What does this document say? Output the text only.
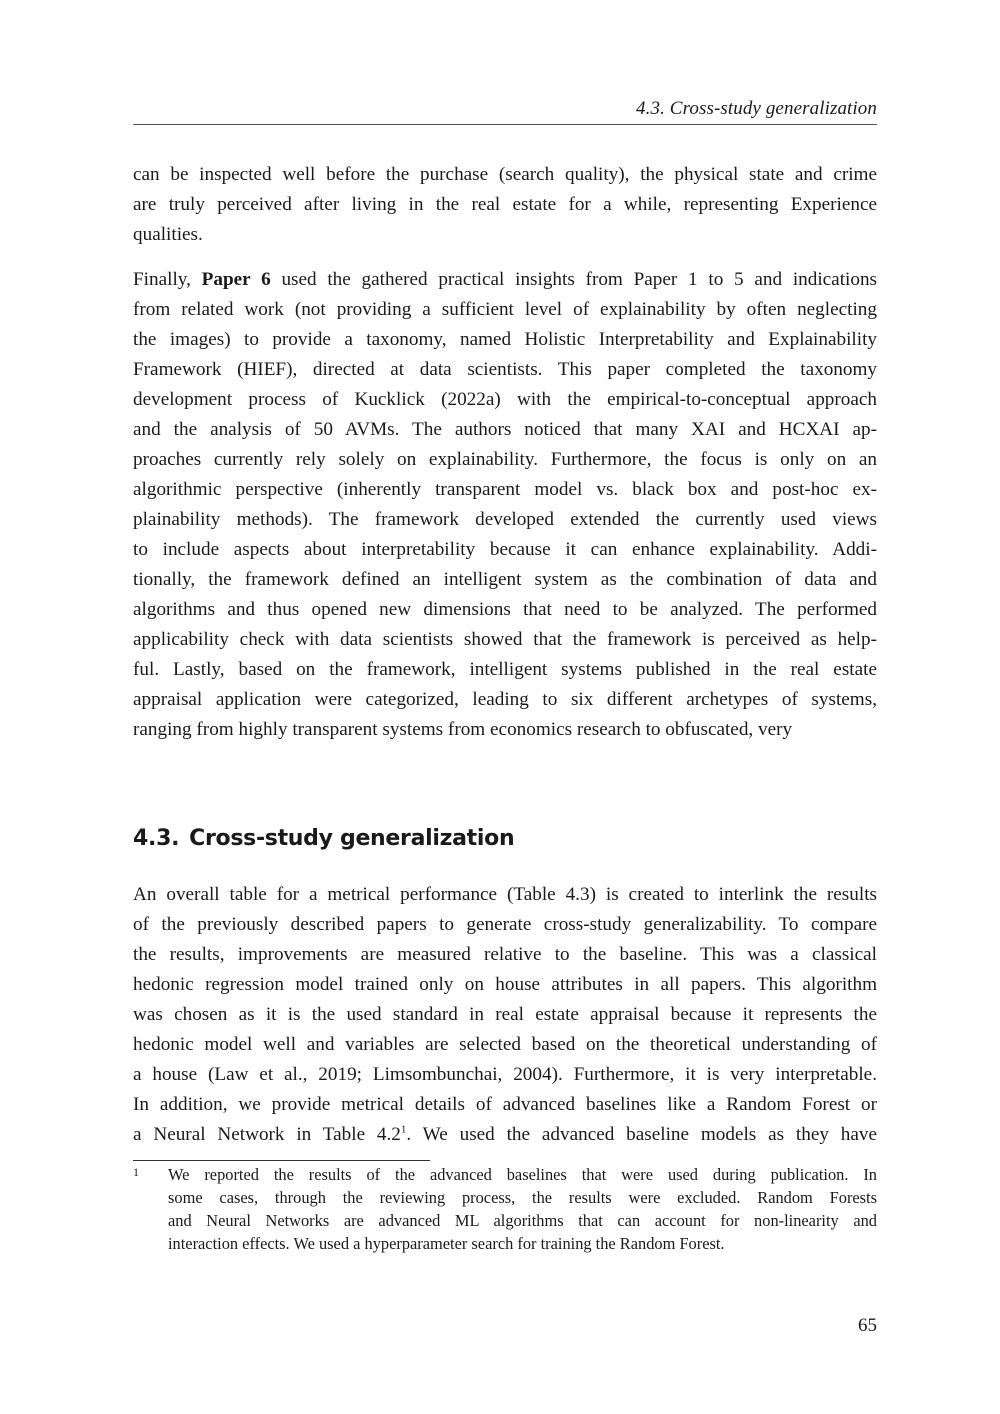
4.3. Cross-study generalization
can be inspected well before the purchase (search quality), the physical state and crime
are truly perceived after living in the real estate for a while, representing Experience
qualities.
Finally, Paper 6 used the gathered practical insights from Paper 1 to 5 and indications
from related work (not providing a sufficient level of explainability by often neglecting
the images) to provide a taxonomy, named Holistic Interpretability and Explainability
Framework (HIEF), directed at data scientists. This paper completed the taxonomy
development process of Kucklick (2022a) with the empirical-to-conceptual approach
and the analysis of 50 AVMs. The authors noticed that many XAI and HCXAI ap-
proaches currently rely solely on explainability. Furthermore, the focus is only on an
algorithmic perspective (inherently transparent model vs. black box and post-hoc ex-
plainability methods). The framework developed extended the currently used views
to include aspects about interpretability because it can enhance explainability. Addi-
tionally, the framework defined an intelligent system as the combination of data and
algorithms and thus opened new dimensions that need to be analyzed. The performed
applicability check with data scientists showed that the framework is perceived as help-
ful. Lastly, based on the framework, intelligent systems published in the real estate
appraisal application were categorized, leading to six different archetypes of systems,
ranging from highly transparent systems from economics research to obfuscated, very
4.3. Cross-study generalization
An overall table for a metrical performance (Table 4.3) is created to interlink the results
of the previously described papers to generate cross-study generalizability. To compare
the results, improvements are measured relative to the baseline. This was a classical
hedonic regression model trained only on house attributes in all papers. This algorithm
was chosen as it is the used standard in real estate appraisal because it represents the
hedonic model well and variables are selected based on the theoretical understanding of
a house (Law et al., 2019; Limsombunchai, 2004). Furthermore, it is very interpretable.
In addition, we provide metrical details of advanced baselines like a Random Forest or
a Neural Network in Table $4.2^1$. We used the advanced baseline models as they have
1 We reported the results of the advanced baselines that were used during publication. In
some cases, through the reviewing process, the results were excluded. Random Forests
and Neural Networks are advanced ML algorithms that can account for non-linearity and
interaction effects. We used a hyperparameter search for training the Random Forest.
65
